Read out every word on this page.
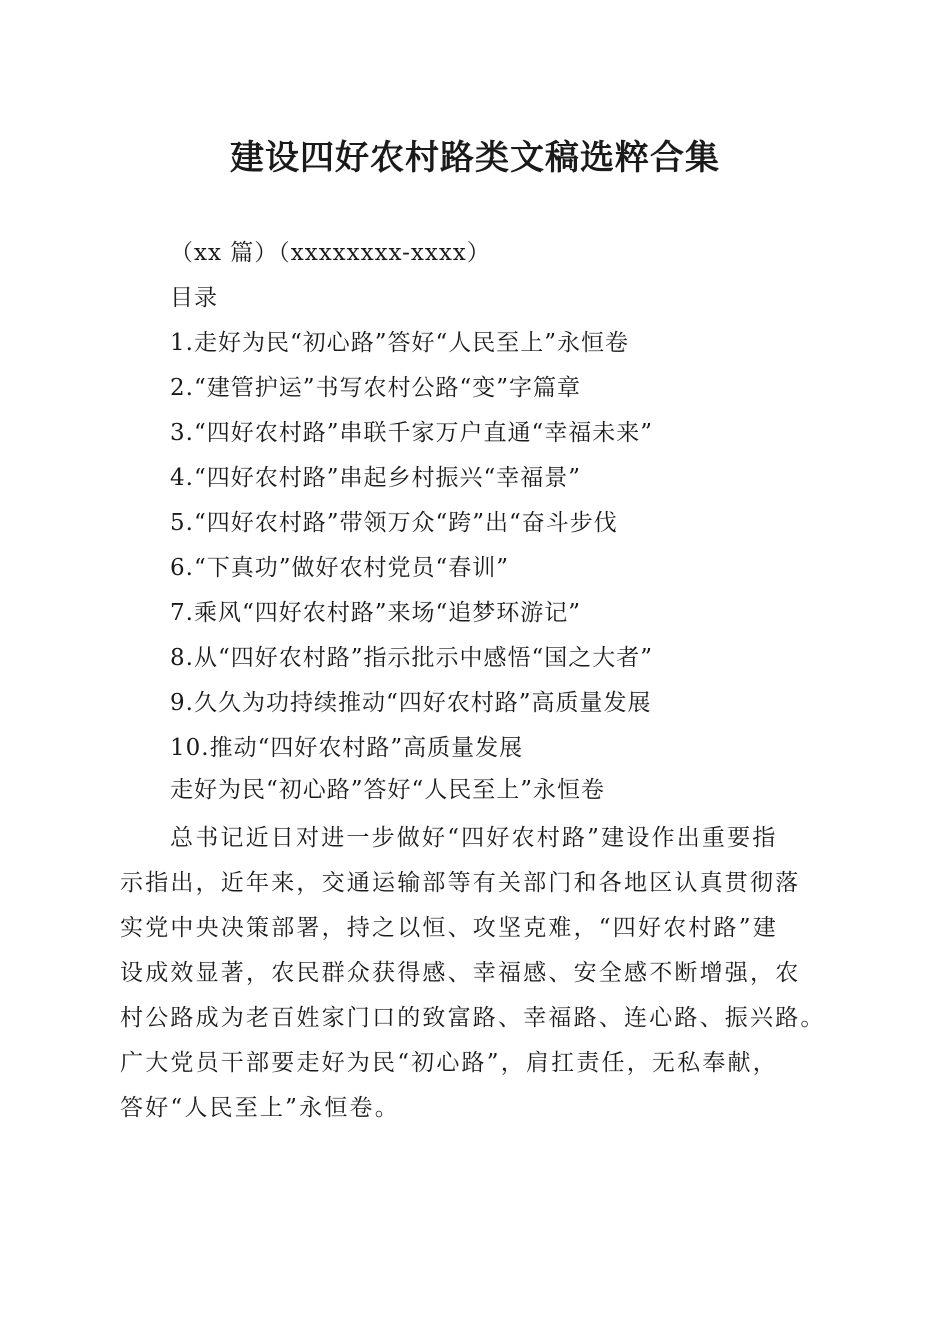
建设四好农村路类文稿选粹合集
（xx 篇）（xxxxxxxx-xxxx）
目录
1.走好为民“初心路”答好“人民至上”永恒卷
2.“建管护运”书写农村公路“变”字篇章
3.“四好农村路”串联千家万户直通“幸福未来”
4.“四好农村路”串起乡村振兴“幸福景”
5.“四好农村路”带领万众“跨”出“奋斗步伐
6.“下真功”做好农村党员“春训”
7.乘风“四好农村路”来场“追梦环游记”
8.从“四好农村路”指示批示中感悟“国之大者”
9.久久为功持续推动“四好农村路”高质量发展
10.推动“四好农村路”高质量发展
走好为民“初心路”答好“人民至上”永恒卷
总书记近日对进一步做好“四好农村路”建设作出重要指
示指出，近年来，交通运输部等有关部门和各地区认真贯彻落
实党中央决策部署，持之以恒、攻坚克难，“四好农村路”建
设成效显著，农民群众获得感、幸福感、安全感不断增强，农
村公路成为老百姓家门口的致富路、幸福路、连心路、振兴路。
广大党员干部要走好为民“初心路”，肩扛责任，无私奉献，
答好“人民至上”永恒卷。
